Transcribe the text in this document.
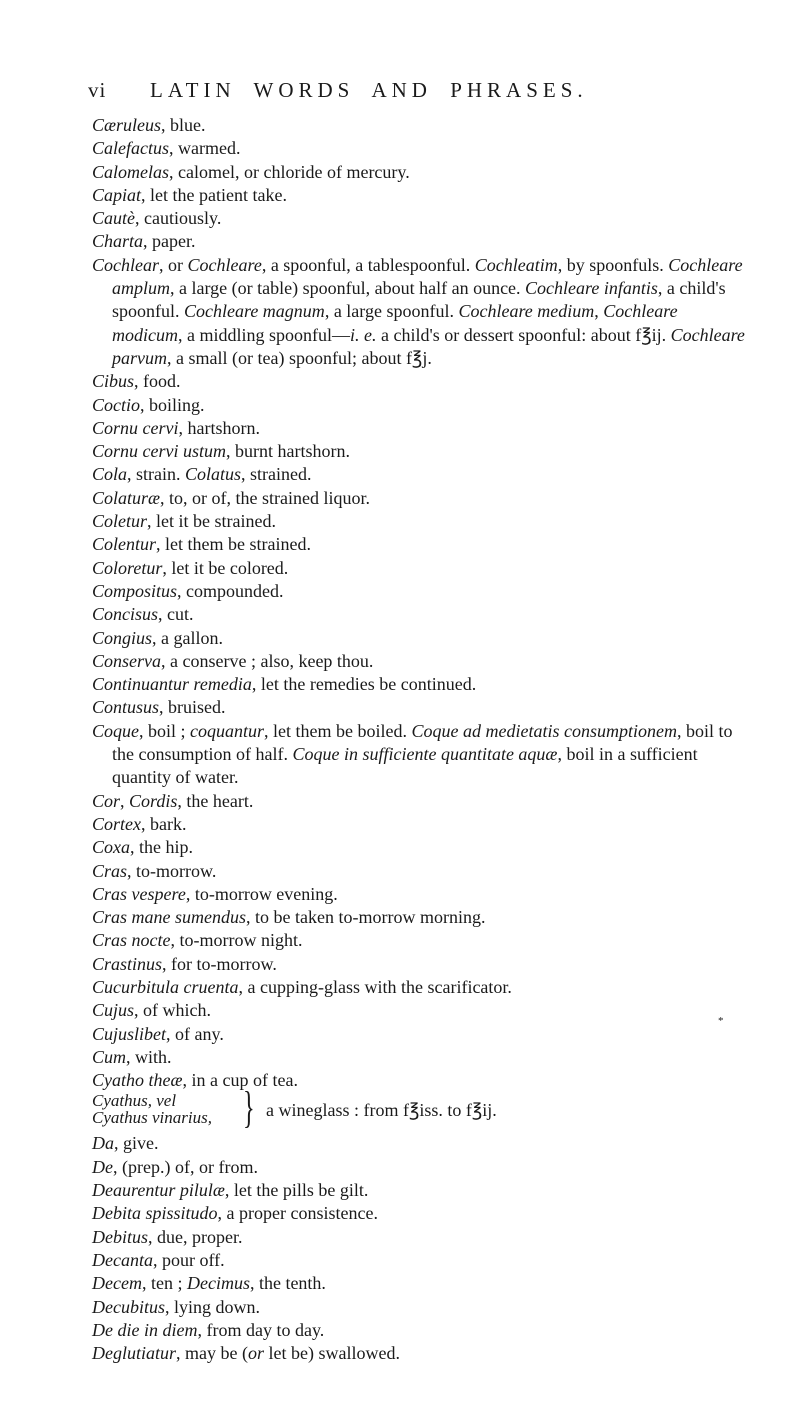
vi LATIN WORDS AND PHRASES.
Cæruleus, blue.
Calefactus, warmed.
Calomelas, calomel, or chloride of mercury.
Capiat, let the patient take.
Cautè, cautiously.
Charta, paper.
Cochlear, or Cochleare, a spoonful, a tablespoonful. Cochleatim, by spoonfuls. Cochleare amplum, a large (or table) spoonful, about half an ounce. Cochleare infantis, a child's spoonful. Cochleare magnum, a large spoonful. Cochleare medium, Cochleare modicum, a middling spoonful—i. e. a child's or dessert spoonful: about f℥ij. Cochleare parvum, a small (or tea) spoonful; about f℥j.
Cibus, food.
Coctio, boiling.
Cornu cervi, hartshorn.
Cornu cervi ustum, burnt hartshorn.
Cola, strain. Colatus, strained.
Colaturæ, to, or of, the strained liquor.
Coletur, let it be strained.
Colentur, let them be strained.
Coloretur, let it be colored.
Compositus, compounded.
Concisus, cut.
Congius, a gallon.
Conserva, a conserve ; also, keep thou.
Continuantur remedia, let the remedies be continued.
Contusus, bruised.
Coque, boil ; coquantur, let them be boiled. Coque ad medietatis consumptionem, boil to the consumption of half. Coque in sufficiente quantitate aquæ, boil in a sufficient quantity of water.
Cor, Cordis, the heart.
Cortex, bark.
Coxa, the hip.
Cras, to-morrow.
Cras vespere, to-morrow evening.
Cras mane sumendus, to be taken to-morrow morning.
Cras nocte, to-morrow night.
Crastinus, for to-morrow.
Cucurbitula cruenta, a cupping-glass with the scarificator.
Cujus, of which.
Cujuslibet, of any.
Cum, with.
Cyatho theæ, in a cup of tea.
Cyathus, vel
Cyathus vinarius, } a wineglass : from f℥iss. to f℥ij.
Da, give.
De, (prep.) of, or from.
Deaurentur pilulæ, let the pills be gilt.
Debita spissitudo, a proper consistence.
Debitus, due, proper.
Decanta, pour off.
Decem, ten ; Decimus, the tenth.
Decubitus, lying down.
De die in diem, from day to day.
Deglutiatur, may be (or let be) swallowed.
*
